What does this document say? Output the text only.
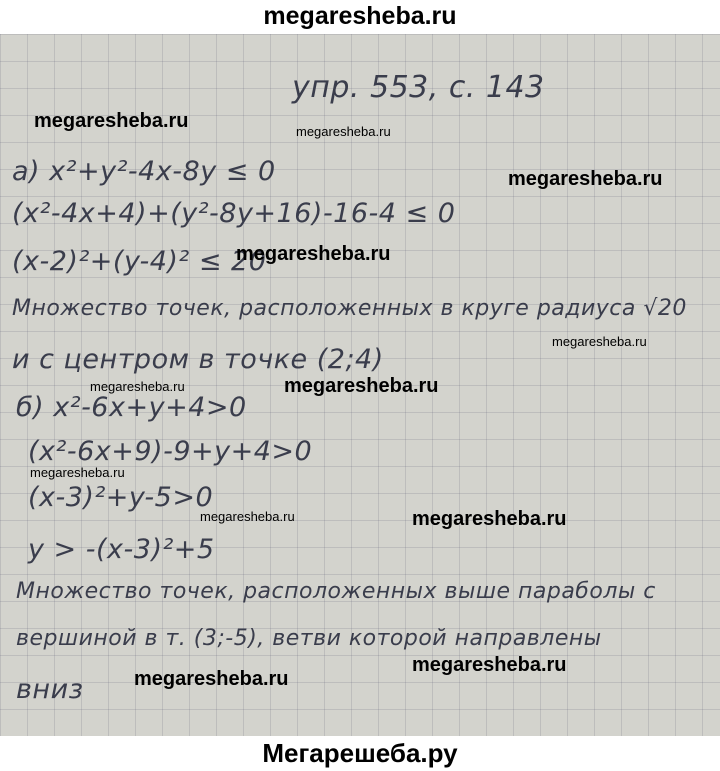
megaresheba.ru
упр. 553, с. 143
а) x²+y²-4x-8y ≤ 0
(x²-4x+4)+(y²-8y+16)-16-4 ≤ 0
(x-2)²+(y-4)² ≤ 20
Множество точек, расположенных в круге радиуса √20
и с центром в точке (2;4)
б) x²-6x+y+4>0
(x²-6x+9)-9+y+4>0
(x-3)²+y-5>0
y > -(x-3)²+5
Множество точек, расположенных выше параболы с
вершиной в т. (3;-5), ветви которой направлены
вниз
megaresheba.ru	megaresheba.ru
megaresheba.ru
megaresheba.ru
megaresheba.ru
megaresheba.ru	megaresheba.ru
megaresheba.ru
megaresheba.ru	megaresheba.ru
megaresheba.ru
megaresheba.ru
Мегарешеба.ру
